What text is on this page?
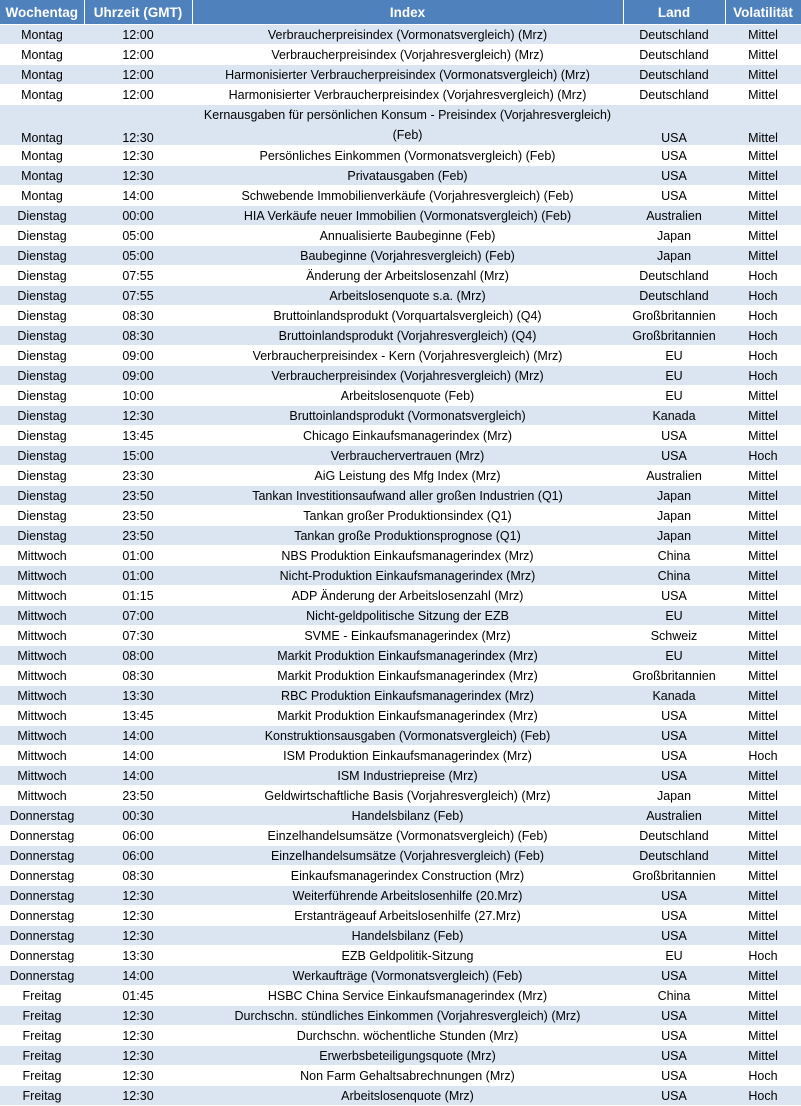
Wochentag	Uhrzeit (GMT)	Index	Land	Volatilität
Montag	12:00	Verbraucherpreisindex (Vormonatsvergleich) (Mrz)	Deutschland	Mittel
Montag	12:00	Verbraucherpreisindex (Vorjahresvergleich) (Mrz)	Deutschland	Mittel
Montag	12:00	Harmonisierter Verbraucherpreisindex (Vormonatsvergleich) (Mrz)	Deutschland	Mittel
Montag	12:00	Harmonisierter Verbraucherpreisindex (Vorjahresvergleich) (Mrz)	Deutschland	Mittel
Montag	12:30	Kernausgaben für persönlichen Konsum - Preisindex (Vorjahresvergleich) (Feb)	USA	Mittel
Montag	12:30	Persönliches Einkommen (Vormonatsvergleich) (Feb)	USA	Mittel
Montag	12:30	Privatausgaben (Feb)	USA	Mittel
Montag	14:00	Schwebende Immobilienverkäufe (Vorjahresvergleich) (Feb)	USA	Mittel
Dienstag	00:00	HIA Verkäufe neuer Immobilien (Vormonatsvergleich) (Feb)	Australien	Mittel
Dienstag	05:00	Annualisierte Baubeginne (Feb)	Japan	Mittel
Dienstag	05:00	Baubeginne (Vorjahresvergleich) (Feb)	Japan	Mittel
Dienstag	07:55	Änderung der Arbeitslosenzahl (Mrz)	Deutschland	Hoch
Dienstag	07:55	Arbeitslosenquote s.a. (Mrz)	Deutschland	Hoch
Dienstag	08:30	Bruttoinlandsprodukt (Vorquartalsvergleich) (Q4)	Großbritannien	Hoch
Dienstag	08:30	Bruttoinlandsprodukt (Vorjahresvergleich) (Q4)	Großbritannien	Hoch
Dienstag	09:00	Verbraucherpreisindex - Kern (Vorjahresvergleich) (Mrz)	EU	Hoch
Dienstag	09:00	Verbraucherpreisindex (Vorjahresvergleich) (Mrz)	EU	Hoch
Dienstag	10:00	Arbeitslosenquote (Feb)	EU	Mittel
Dienstag	12:30	Bruttoinlandsprodukt (Vormonatsvergleich)	Kanada	Mittel
Dienstag	13:45	Chicago Einkaufsmanagerindex (Mrz)	USA	Mittel
Dienstag	15:00	Verbrauchervertrauen (Mrz)	USA	Hoch
Dienstag	23:30	AiG Leistung des Mfg Index (Mrz)	Australien	Mittel
Dienstag	23:50	Tankan Investitionsaufwand aller großen Industrien (Q1)	Japan	Mittel
Dienstag	23:50	Tankan großer Produktionsindex (Q1)	Japan	Mittel
Dienstag	23:50	Tankan große Produktionsprognose (Q1)	Japan	Mittel
Mittwoch	01:00	NBS Produktion Einkaufsmanagerindex (Mrz)	China	Mittel
Mittwoch	01:00	Nicht-Produktion Einkaufsmanagerindex (Mrz)	China	Mittel
Mittwoch	01:15	ADP Änderung der Arbeitslosenzahl (Mrz)	USA	Mittel
Mittwoch	07:00	Nicht-geldpolitische Sitzung der EZB	EU	Mittel
Mittwoch	07:30	SVME - Einkaufsmanagerindex (Mrz)	Schweiz	Mittel
Mittwoch	08:00	Markit Produktion Einkaufsmanagerindex (Mrz)	EU	Mittel
Mittwoch	08:30	Markit Produktion Einkaufsmanagerindex (Mrz)	Großbritannien	Mittel
Mittwoch	13:30	RBC Produktion Einkaufsmanagerindex (Mrz)	Kanada	Mittel
Mittwoch	13:45	Markit Produktion Einkaufsmanagerindex (Mrz)	USA	Mittel
Mittwoch	14:00	Konstruktionsausgaben (Vormonatsvergleich) (Feb)	USA	Mittel
Mittwoch	14:00	ISM Produktion Einkaufsmanagerindex (Mrz)	USA	Hoch
Mittwoch	14:00	ISM Industriepreise (Mrz)	USA	Mittel
Mittwoch	23:50	Geldwirtschaftliche Basis (Vorjahresvergleich) (Mrz)	Japan	Mittel
Donnerstag	00:30	Handelsbilanz (Feb)	Australien	Mittel
Donnerstag	06:00	Einzelhandelsumsätze (Vormonatsvergleich) (Feb)	Deutschland	Mittel
Donnerstag	06:00	Einzelhandelsumsätze (Vorjahresvergleich) (Feb)	Deutschland	Mittel
Donnerstag	08:30	Einkaufsmanagerindex Construction (Mrz)	Großbritannien	Mittel
Donnerstag	12:30	Weiterführende Arbeitslosenhilfe (20.Mrz)	USA	Mittel
Donnerstag	12:30	Erstanträgeauf Arbeitslosenhilfe (27.Mrz)	USA	Mittel
Donnerstag	12:30	Handelsbilanz (Feb)	USA	Mittel
Donnerstag	13:30	EZB Geldpolitik-Sitzung	EU	Hoch
Donnerstag	14:00	Werkaufträge (Vormonatsvergleich) (Feb)	USA	Mittel
Freitag	01:45	HSBC China Service Einkaufsmanagerindex (Mrz)	China	Mittel
Freitag	12:30	Durchschn. stündliches Einkommen (Vorjahresvergleich) (Mrz)	USA	Mittel
Freitag	12:30	Durchschn. wöchentliche Stunden (Mrz)	USA	Mittel
Freitag	12:30	Erwerbsbeteiligungsquote (Mrz)	USA	Mittel
Freitag	12:30	Non Farm Gehaltsabrechnungen (Mrz)	USA	Hoch
Freitag	12:30	Arbeitslosenquote (Mrz)	USA	Hoch
